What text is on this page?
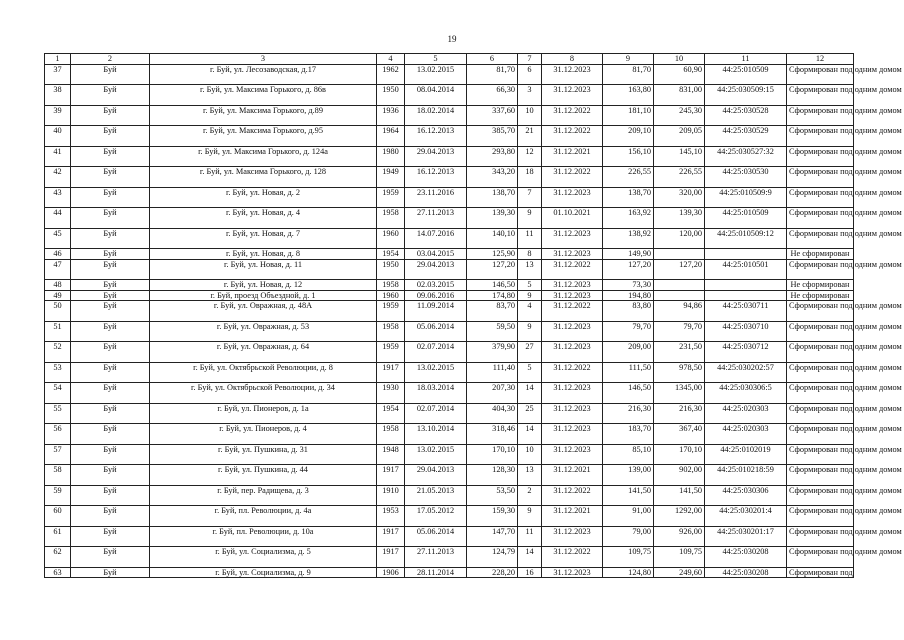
19
1	2	3	4	5	6	7	8	9	10	11	12
37	Буй	г. Буй, ул. Лесозаводская, д.17	1962	13.02.2015	81,70	6	31.12.2023	81,70	60,90	44:25:010509	Сформирован под одним домом
38	Буй	г. Буй, ул. Максима Горького, д. 86в	1950	08.04.2014	66,30	3	31.12.2023	163,80	831,00	44:25:030509:15	Сформирован под одним домом
39	Буй	г. Буй, ул. Максима Горького, д.89	1936	18.02.2014	337,60	10	31.12.2022	181,10	245,30	44:25:030528	Сформирован под одним домом
40	Буй	г. Буй, ул. Максима Горького, д.95	1964	16.12.2013	385,70	21	31.12.2022	209,10	209,05	44:25:030529	Сформирован под одним домом
41	Буй	г. Буй, ул. Максима Горького, д. 124а	1980	29.04.2013	293,80	12	31.12.2021	156,10	145,10	44:25:030527:32	Сформирован под одним домом
42	Буй	г. Буй, ул. Максима Горького, д. 128	1949	16.12.2013	343,20	18	31.12.2022	226,55	226,55	44:25:030530	Сформирован под одним домом
43	Буй	г. Буй, ул. Новая, д. 2	1959	23.11.2016	138,70	7	31.12.2023	138,70	320,00	44:25:010509:9	Сформирован под одним домом
44	Буй	г. Буй, ул. Новая, д. 4	1958	27.11.2013	139,30	9	01.10.2021	163,92	139,30	44:25:010509	Сформирован под одним домом
45	Буй	г. Буй, ул. Новая, д. 7	1960	14.07.2016	140,10	11	31.12.2023	138,92	120,00	44:25:010509:12	Сформирован под одним домом
46	Буй	г. Буй, ул. Новая, д. 8	1954	03.04.2015	125,90	8	31.12.2023	149,90			Не сформирован
47	Буй	г. Буй, ул. Новая, д. 11	1950	29.04.2013	127,20	13	31.12.2022	127,20	127,20	44:25:010501	Сформирован под одним домом
48	Буй	г. Буй, ул. Новая, д. 12	1958	02.03.2015	146,50	5	31.12.2023	73,30			Не сформирован
49	Буй	г. Буй, проезд Объездной, д. 1	1960	09.06.2016	174,80	9	31.12.2023	194,80			Не сформирован
50	Буй	г. Буй, ул. Овражная, д. 48А	1959	11.09.2014	83,70	4	31.12.2022	83,80	94,86	44:25:030711	Сформирован под одним домом
51	Буй	г. Буй, ул. Овражная, д. 53	1958	05.06.2014	59,50	9	31.12.2023	79,70	79,70	44:25:030710	Сформирован под одним домом
52	Буй	г. Буй, ул. Овражная, д. 64	1959	02.07.2014	379,90	27	31.12.2023	209,00	231,50	44:25:030712	Сформирован под одним домом
53	Буй	г. Буй, ул. Октябрьской Революции, д. 8	1917	13.02.2015	111,40	5	31.12.2022	111,50	978,50	44:25:030202:57	Сформирован под одним домом
54	Буй	г. Буй, ул. Октябрьской Революции, д. 34	1930	18.03.2014	207,30	14	31.12.2023	146,50	1345,00	44:25:030306:5	Сформирован под одним домом
55	Буй	г. Буй, ул. Пионеров, д. 1а	1954	02.07.2014	404,30	25	31.12.2023	216,30	216,30	44:25:020303	Сформирован под одним домом
56	Буй	г. Буй, ул. Пионеров, д. 4	1958	13.10.2014	318,46	14	31.12.2023	183,70	367,40	44:25:020303	Сформирован под одним домом
57	Буй	г. Буй, ул. Пушкина, д. 31	1948	13.02.2015	170,10	10	31.12.2023	85,10	170,10	44:25:0102019	Сформирован под одним домом
58	Буй	г. Буй, ул. Пушкина, д. 44	1917	29.04.2013	128,30	13	31.12.2021	139,00	902,00	44:25:010218:59	Сформирован под одним домом
59	Буй	г. Буй, пер. Радищева, д. 3	1910	21.05.2013	53,50	2	31.12.2022	141,50	141,50	44:25:030306	Сформирован под одним домом
60	Буй	г. Буй, пл. Революции, д. 4а	1953	17.05.2012	159,30	9	31.12.2021	91,00	1292,00	44:25:030201:4	Сформирован под одним домом
61	Буй	г. Буй, пл. Революции, д. 10а	1917	05.06.2014	147,70	11	31.12.2023	79,00	926,00	44:25:030201:17	Сформирован под одним домом
62	Буй	г. Буй, ул. Социализма, д. 5	1917	27.11.2013	124,79	14	31.12.2022	109,75	109,75	44:25:030208	Сформирован под одним домом
63	Буй	г. Буй, ул. Социализма, д. 9	1906	28.11.2014	228,20	16	31.12.2023	124,80	249,60	44:25:030208	Сформирован под
